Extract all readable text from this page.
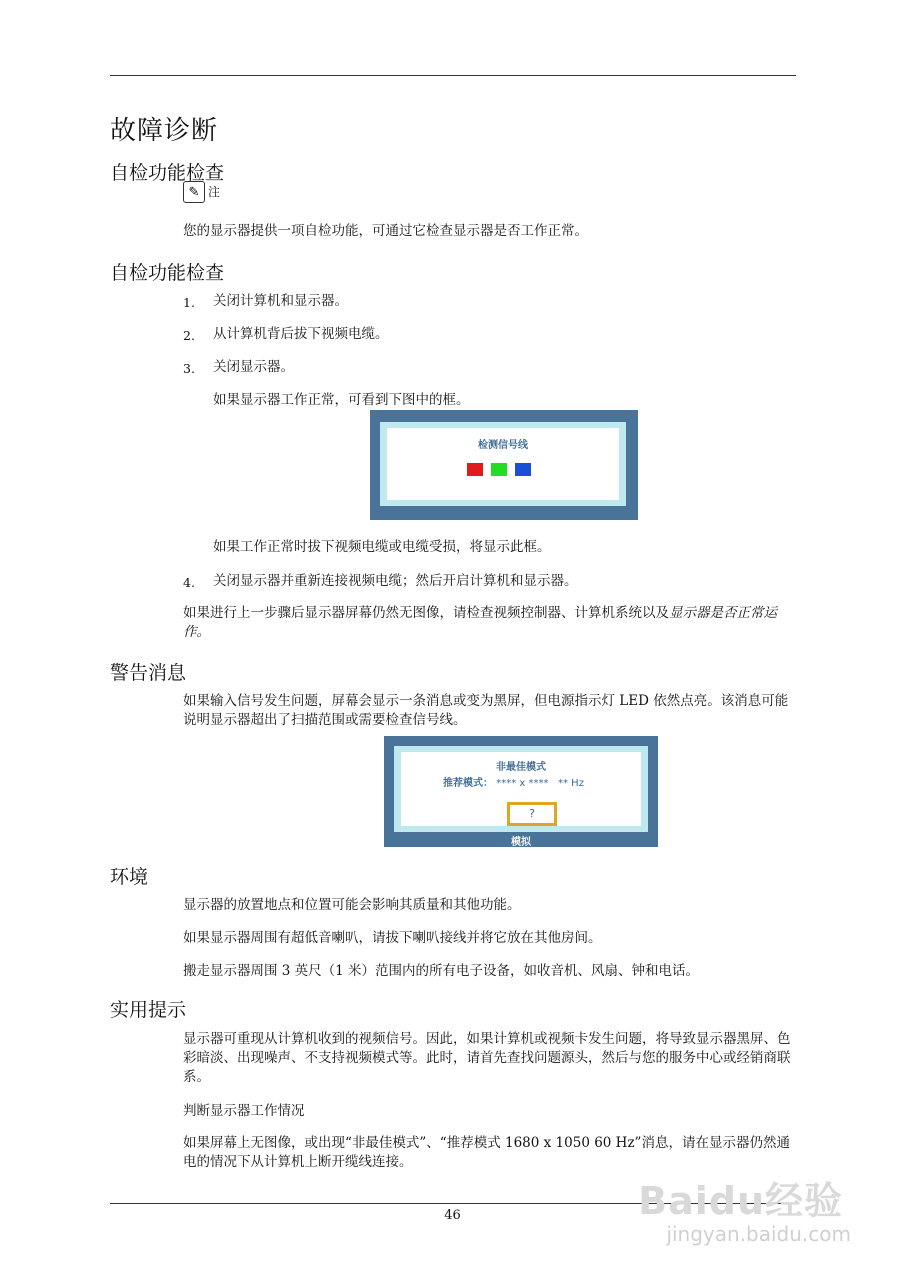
故障诊断
自检功能检查
✎ 注
您的显示器提供一项自检功能，可通过它检查显示器是否工作正常。
自检功能检查
1. 关闭计算机和显示器。
2. 从计算机背后拔下视频电缆。
3. 关闭显示器。
如果显示器工作正常，可看到下图中的框。
检测信号线
如果工作正常时拔下视频电缆或电缆受损，将显示此框。
4. 关闭显示器并重新连接视频电缆；然后开启计算机和显示器。
如果进行上一步骤后显示器屏幕仍然无图像，请检查视频控制器、计算机系统以及显示器是否正常运作。
警告消息
如果输入信号发生问题，屏幕会显示一条消息或变为黑屏，但电源指示灯 LED 依然点亮。该消息可能说明显示器超出了扫描范围或需要检查信号线。
非最佳模式
推荐模式： **** x ****   ** Hz
?
模拟
环境
显示器的放置地点和位置可能会影响其质量和其他功能。
如果显示器周围有超低音喇叭，请拔下喇叭接线并将它放在其他房间。
搬走显示器周围 3 英尺（1 米）范围内的所有电子设备，如收音机、风扇、钟和电话。
实用提示
显示器可重现从计算机收到的视频信号。因此，如果计算机或视频卡发生问题，将导致显示器黑屏、色彩暗淡、出现噪声、不支持视频模式等。此时，请首先查找问题源头，然后与您的服务中心或经销商联系。
判断显示器工作情况
如果屏幕上无图像，或出现“非最佳模式”、“推荐模式 1680 x 1050 60 Hz”消息，请在显示器仍然通电的情况下从计算机上断开缆线连接。
46	Baidu经验
jingyan.baidu.com
